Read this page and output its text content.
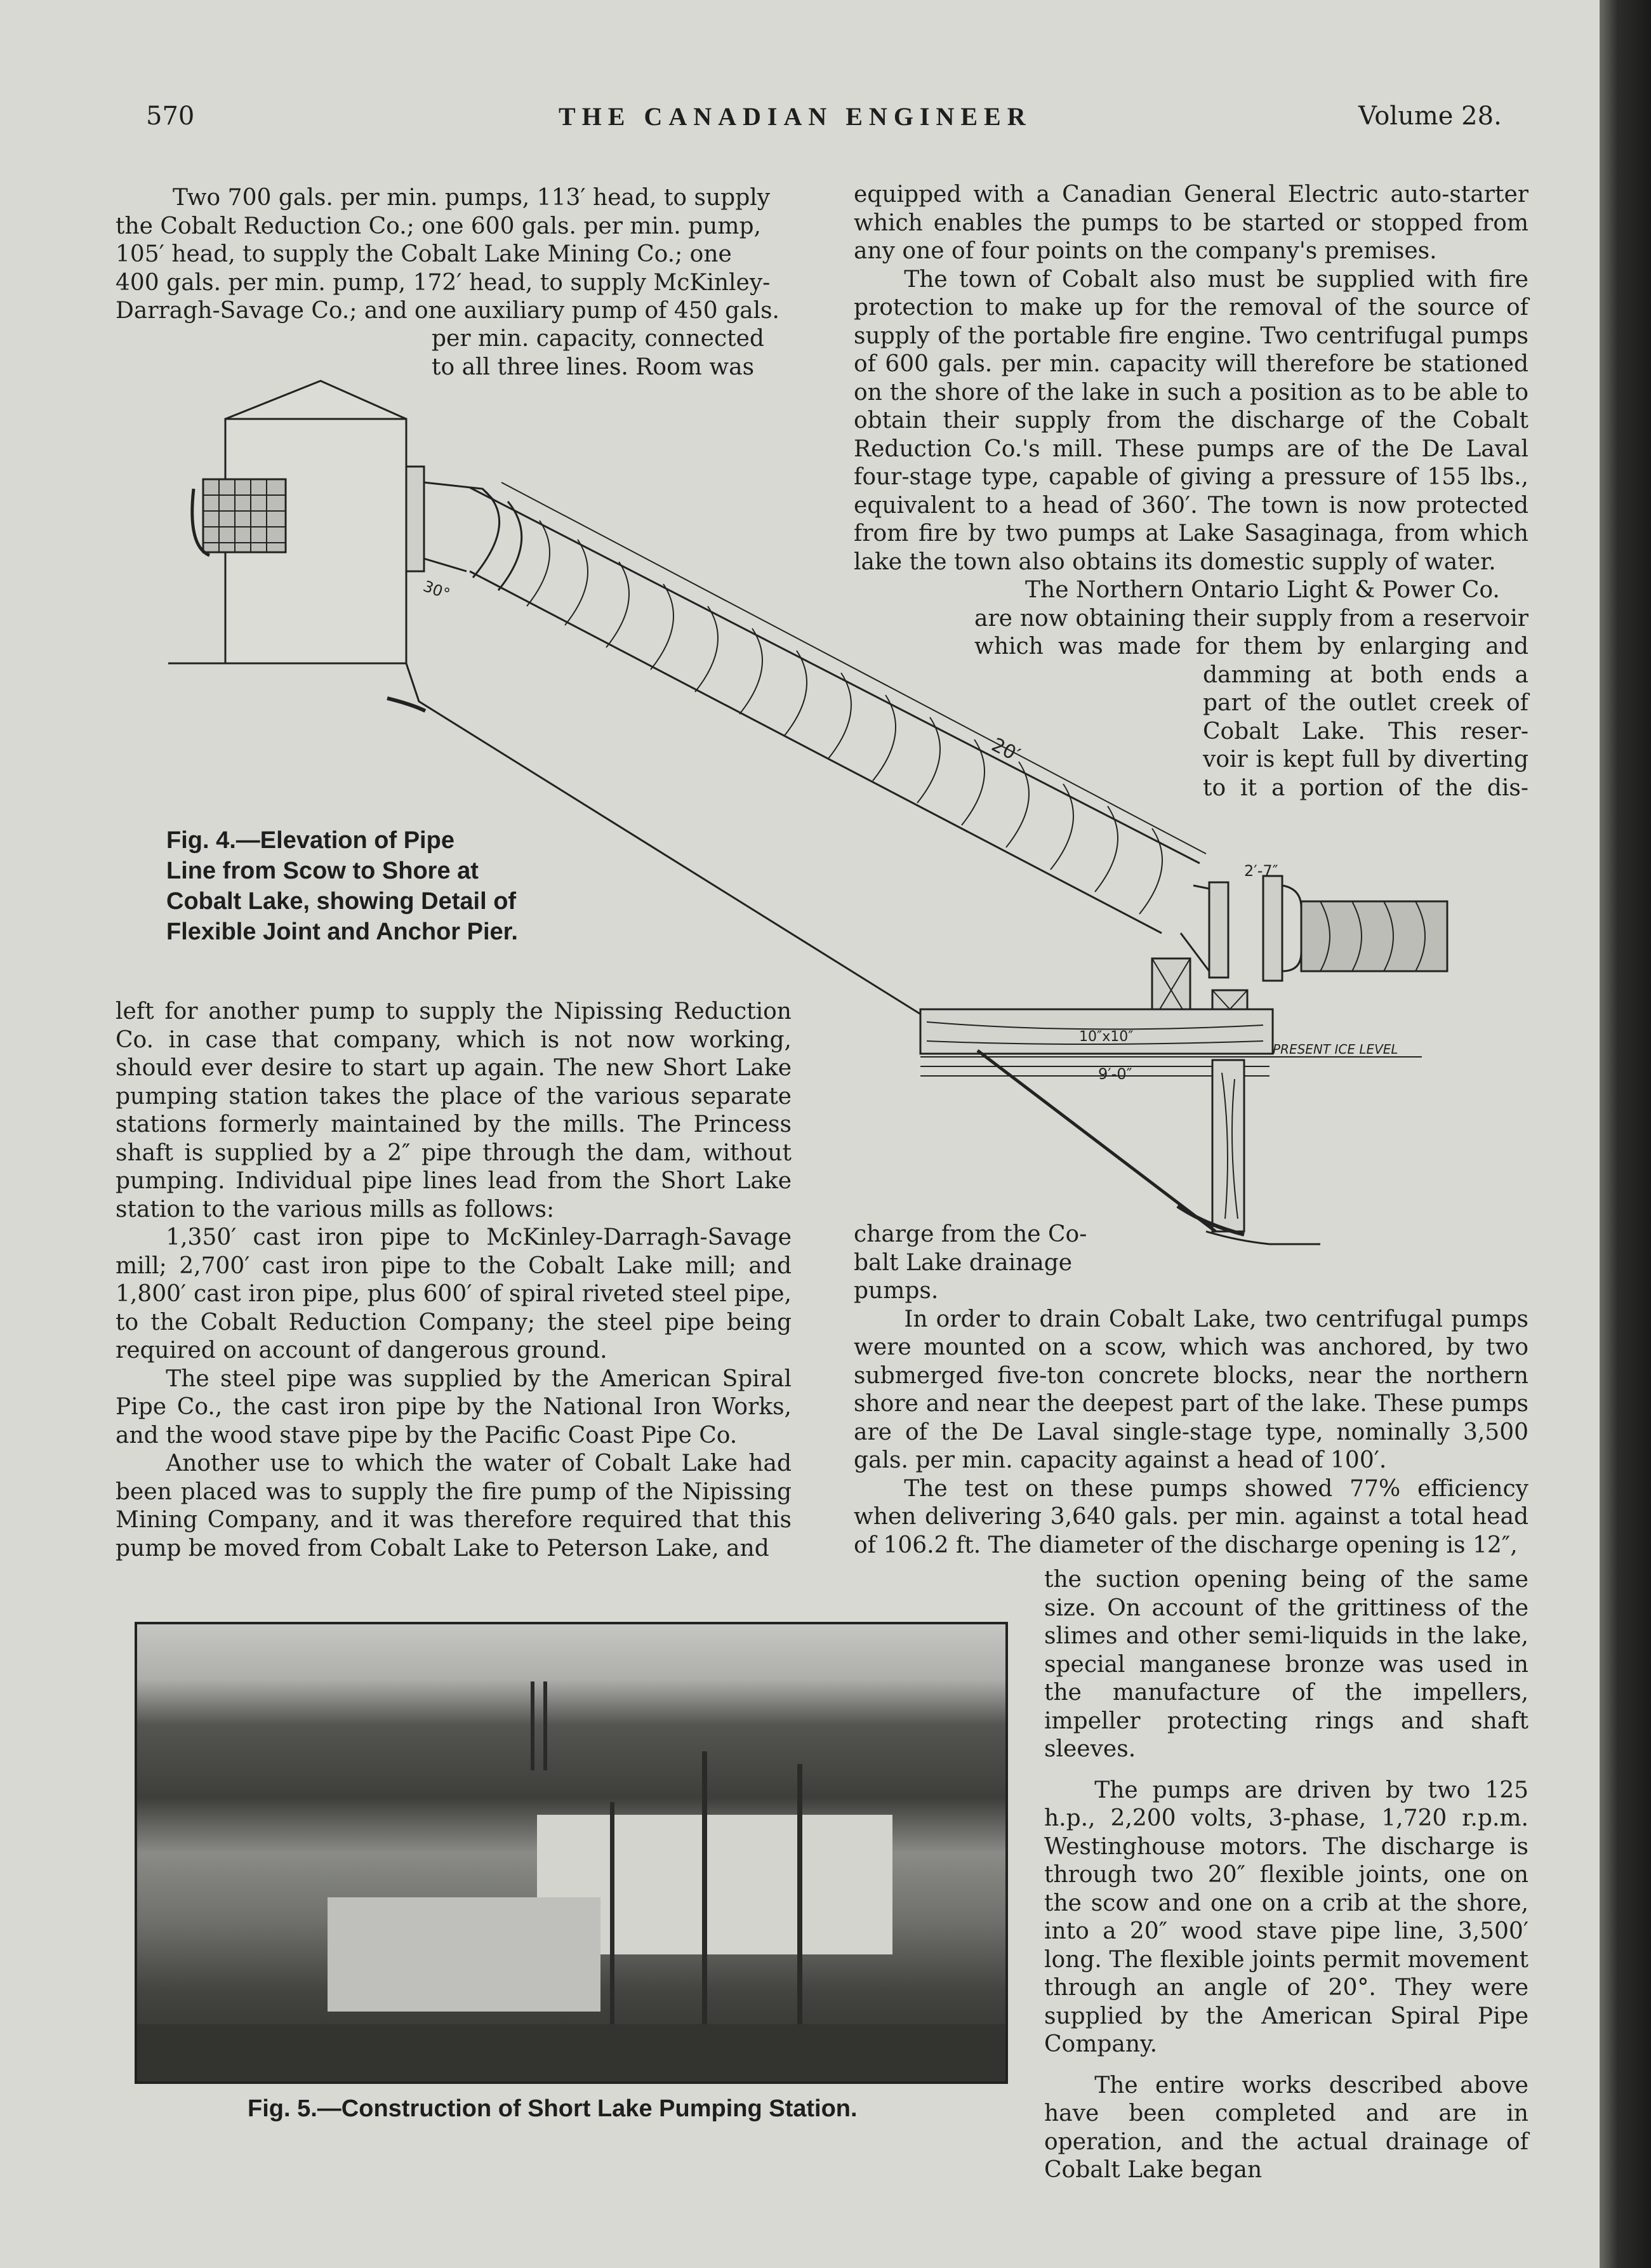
570	THE CANADIAN ENGINEER	Volume 28.

Two 700 gals. per min. pumps, 113′ head, to supply

the Cobalt Reduction Co.; one 600 gals. per min. pump,

105′ head, to supply the Cobalt Lake Mining Co.; one

400 gals. per min. pump, 172′ head, to supply McKinley-

Darragh-Savage Co.; and one auxiliary pump of 450 gals.

per min. capacity, connected

to all three lines. Room was

30°
20′
2′-7″
10″x10″
PRESENT ICE LEVEL
9′-0″
Fig. 4.—Elevation of Pipe
Line from Scow to Shore at
Cobalt Lake, showing Detail of
Flexible Joint and Anchor Pier.

left for another pump to supply the Nipissing Reduction Co. in case that company, which is not now working, should ever desire to start up again. The new Short Lake pumping station takes the place of the various separate stations formerly maintained by the mills. The Princess shaft is supplied by a 2″ pipe through the dam, without pumping. Individual pipe lines lead from the Short Lake station to the various mills as follows:

1,350′ cast iron pipe to McKinley-Darragh-Savage mill; 2,700′ cast iron pipe to the Cobalt Lake mill; and 1,800′ cast iron pipe, plus 600′ of spiral riveted steel pipe, to the Cobalt Reduction Company; the steel pipe being required on account of dangerous ground.

The steel pipe was supplied by the American Spiral Pipe Co., the cast iron pipe by the National Iron Works, and the wood stave pipe by the Pacific Coast Pipe Co.

Another use to which the water of Cobalt Lake had been placed was to supply the fire pump of the Nipissing Mining Company, and it was therefore required that this pump be moved from Cobalt Lake to Peterson Lake, and

equipped with a Canadian General Electric auto-starter which enables the pumps to be started or stopped from any one of four points on the company's premises.

The town of Cobalt also must be supplied with fire protection to make up for the removal of the source of supply of the portable fire engine. Two centrifugal pumps of 600 gals. per min. capacity will therefore be stationed on the shore of the lake in such a position as to be able to obtain their supply from the discharge of the Cobalt Reduction Co.'s mill. These pumps are of the De Laval four-stage type, capable of giving a pressure of 155 lbs., equivalent to a head of 360′. The town is now protected from fire by two pumps at Lake Sasaginaga, from which lake the town also obtains its domestic supply of water.

The Northern Ontario Light & Power Co.
are now obtaining their supply from a reservoir
which was made for them by enlarging and
damming at both ends a
part of the outlet creek of
Cobalt Lake. This reser-
voir is kept full by diverting
to it a portion of the dis-
charge from the Co-
balt Lake drainage
pumps.

In order to drain Cobalt Lake, two centrifugal pumps were mounted on a scow, which was anchored, by two submerged five-ton concrete blocks, near the northern shore and near the deepest part of the lake. These pumps are of the De Laval single-stage type, nominally 3,500 gals. per min. capacity against a head of 100′.

The test on these pumps showed 77% efficiency when delivering 3,640 gals. per min. against a total head of 106.2 ft. The diameter of the discharge opening is 12″,

the suction opening being of the same size. On account of the grittiness of the slimes and other semi-liquids in the lake, special manganese bronze was used in the manufacture of the impellers, impeller protecting rings and shaft sleeves.

The pumps are driven by two 125 h.p., 2,200 volts, 3-phase, 1,720 r.p.m. Westinghouse motors. The discharge is through two 20″ flexible joints, one on the scow and one on a crib at the shore, into a 20″ wood stave pipe line, 3,500′ long. The flexible joints permit movement through an angle of 20°. They were supplied by the American Spiral Pipe Company.

The entire works described above have been completed and are in operation, and the actual drainage of Cobalt Lake began

Fig. 5.—Construction of Short Lake Pumping Station.
